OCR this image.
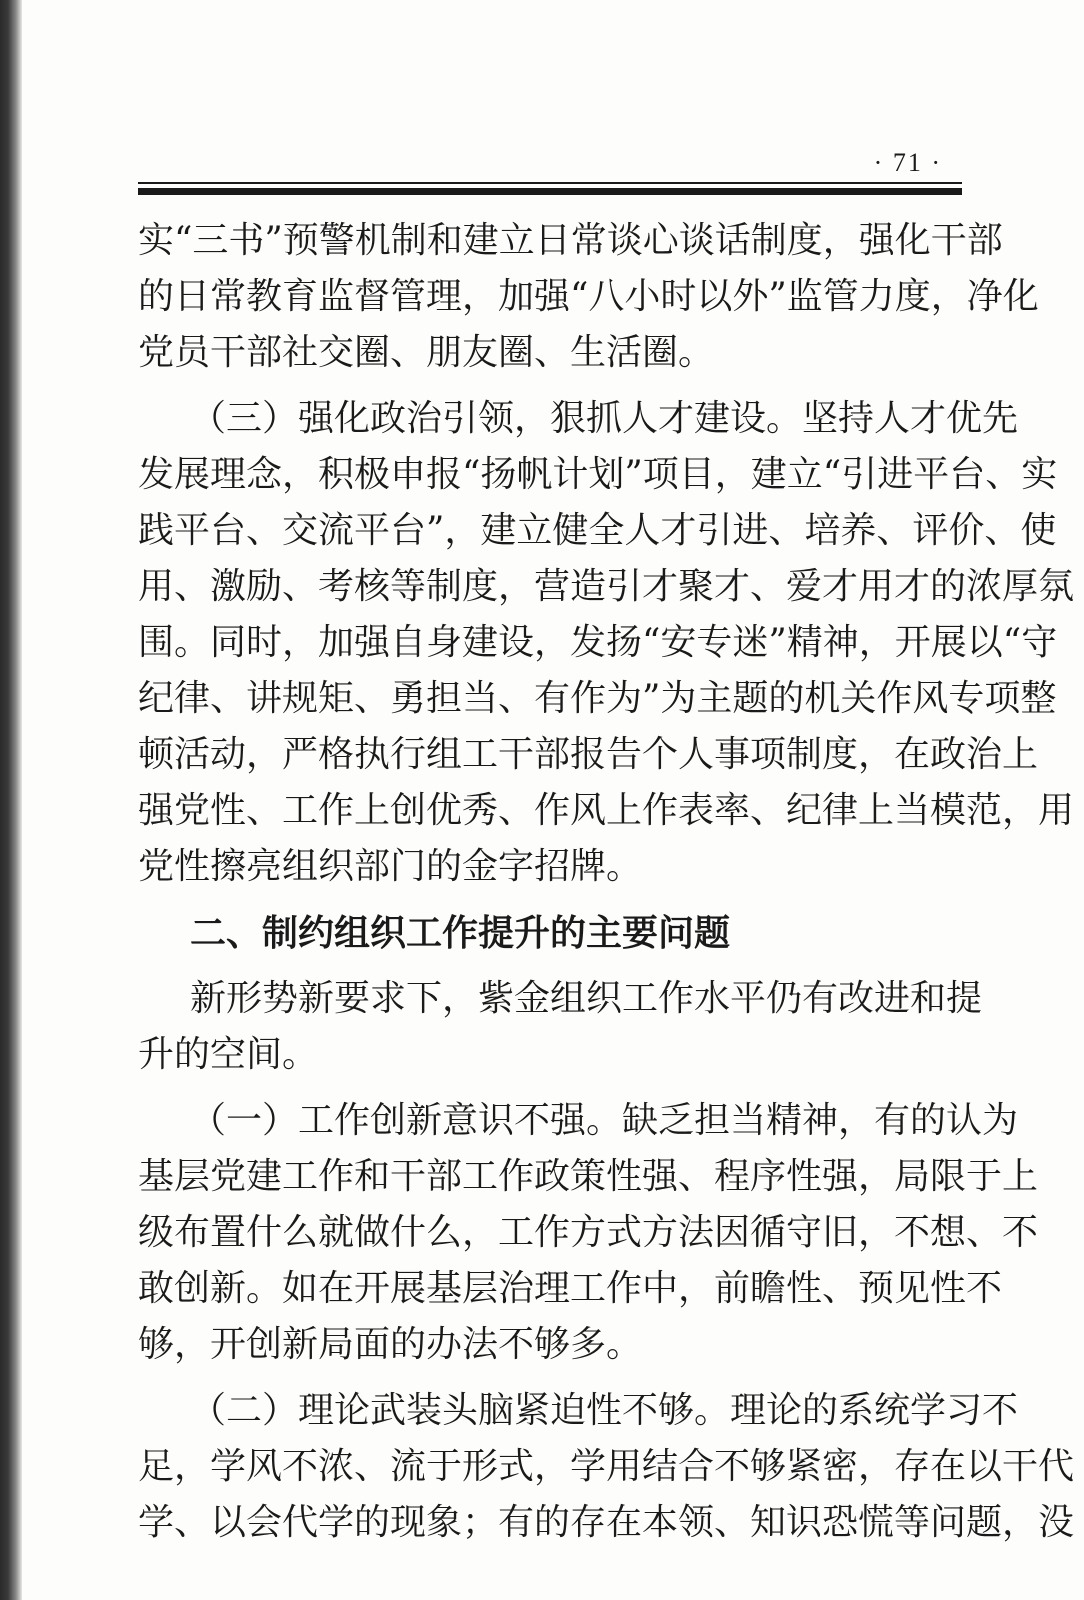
· 71 ·
实“三书”预警机制和建立日常谈心谈话制度，强化干部
的日常教育监督管理，加强“八小时以外”监管力度，净化
党员干部社交圈、朋友圈、生活圈。
（三）强化政治引领，狠抓人才建设。坚持人才优先
发展理念，积极申报“扬帆计划”项目，建立“引进平台、实
践平台、交流平台”，建立健全人才引进、培养、评价、使
用、激励、考核等制度，营造引才聚才、爱才用才的浓厚氛
围。同时，加强自身建设，发扬“安专迷”精神，开展以“守
纪律、讲规矩、勇担当、有作为”为主题的机关作风专项整
顿活动，严格执行组工干部报告个人事项制度，在政治上
强党性、工作上创优秀、作风上作表率、纪律上当模范，用
党性擦亮组织部门的金字招牌。
二、制约组织工作提升的主要问题
新形势新要求下，紫金组织工作水平仍有改进和提
升的空间。
（一）工作创新意识不强。缺乏担当精神，有的认为
基层党建工作和干部工作政策性强、程序性强，局限于上
级布置什么就做什么，工作方式方法因循守旧，不想、不
敢创新。如在开展基层治理工作中，前瞻性、预见性不
够，开创新局面的办法不够多。
（二）理论武装头脑紧迫性不够。理论的系统学习不
足，学风不浓、流于形式，学用结合不够紧密，存在以干代
学、以会代学的现象；有的存在本领、知识恐慌等问题，没
